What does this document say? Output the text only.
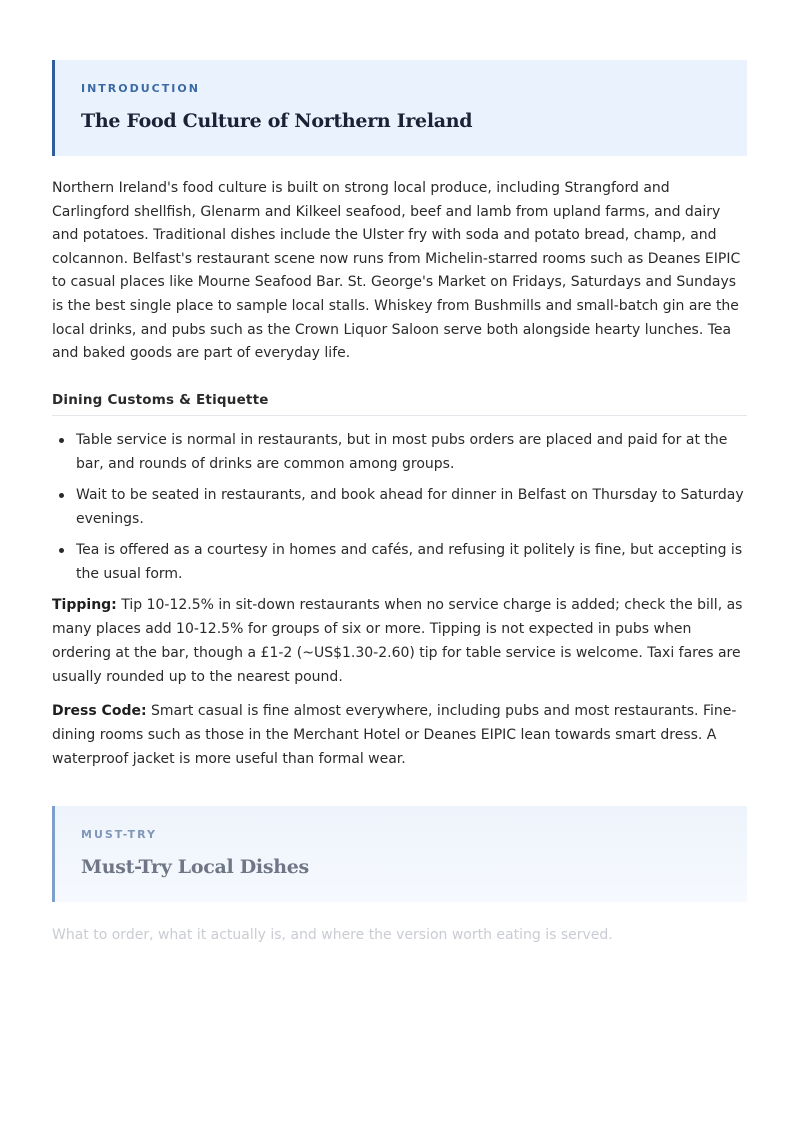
INTRODUCTION

The Food Culture of Northern Ireland

Northern Ireland's food culture is built on strong local produce, including Strangford and Carlingford shellfish, Glenarm and Kilkeel seafood, beef and lamb from upland farms, and dairy and potatoes. Traditional dishes include the Ulster fry with soda and potato bread, champ, and colcannon. Belfast's restaurant scene now runs from Michelin-starred rooms such as Deanes EIPIC to casual places like Mourne Seafood Bar. St. George's Market on Fridays, Saturdays and Sundays is the best single place to sample local stalls. Whiskey from Bushmills and small-batch gin are the local drinks, and pubs such as the Crown Liquor Saloon serve both alongside hearty lunches. Tea and baked goods are part of everyday life.

Dining Customs & Etiquette
Table service is normal in restaurants, but in most pubs orders are placed and paid for at the bar, and rounds of drinks are common among groups.
Wait to be seated in restaurants, and book ahead for dinner in Belfast on Thursday to Saturday evenings.
Tea is offered as a courtesy in homes and cafés, and refusing it politely is fine, but accepting is the usual form.

Tipping: Tip 10-12.5% in sit-down restaurants when no service charge is added; check the bill, as many places add 10-12.5% for groups of six or more. Tipping is not expected in pubs when ordering at the bar, though a £1-2 (~US$1.30-2.60) tip for table service is welcome. Taxi fares are usually rounded up to the nearest pound.

Dress Code: Smart casual is fine almost everywhere, including pubs and most restaurants. Fine-dining rooms such as those in the Merchant Hotel or Deanes EIPIC lean towards smart dress. A waterproof jacket is more useful than formal wear.

MUST-TRY

Must-Try Local Dishes

What to order, what it actually is, and where the version worth eating is served.
